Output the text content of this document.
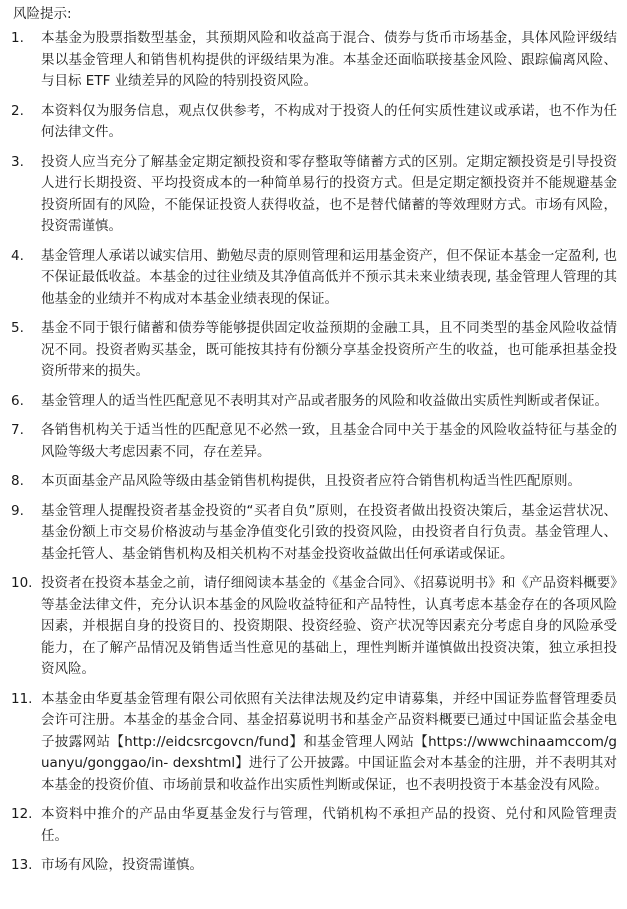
风险提示:
1.	本基金为股票指数型基金，其预期风险和收益高于混合、债券与货币市场基金，具体风险评级结果以基金管理人和销售机构提供的评级结果为准。本基金还面临联接基金风险、跟踪偏离风险、与目标 ETF 业绩差异的风险的特别投资风险。
2.	本资料仅为服务信息，观点仅供参考，不构成对于投资人的任何实质性建议或承诺，也不作为任何法律文件。
3.	投资人应当充分了解基金定期定额投资和零存整取等储蓄方式的区别。定期定额投资是引导投资人进行长期投资、平均投资成本的一种简单易行的投资方式。但是定期定额投资并不能规避基金投资所固有的风险，不能保证投资人获得收益，也不是替代储蓄的等效理财方式。市场有风险，投资需谨慎。
4.	基金管理人承诺以诚实信用、勤勉尽责的原则管理和运用基金资产，但不保证本基金一定盈利, 也不保证最低收益。本基金的过往业绩及其净值高低并不预示其未来业绩表现, 基金管理人管理的其他基金的业绩并不构成对本基金业绩表现的保证。
5.	基金不同于银行储蓄和债券等能够提供固定收益预期的金融工具，且不同类型的基金风险收益情况不同。投资者购买基金，既可能按其持有份额分享基金投资所产生的收益，也可能承担基金投资所带来的损失。
6.	基金管理人的适当性匹配意见不表明其对产品或者服务的风险和收益做出实质性判断或者保证。
7.	各销售机构关于适当性的匹配意见不必然一致，且基金合同中关于基金的风险收益特征与基金的风险等级大考虑因素不同，存在差异。
8.	本页面基金产品风险等级由基金销售机构提供，且投资者应符合销售机构适当性匹配原则。
9.	基金管理人提醒投资者基金投资的“买者自负”原则，在投资者做出投资决策后，基金运营状况、基金份额上市交易价格波动与基金净值变化引致的投资风险，由投资者自行负责。基金管理人、基金托管人、基金销售机构及相关机构不对基金投资收益做出任何承诺或保证。
10. 投资者在投资本基金之前，请仔细阅读本基金的《基金合同》、《招募说明书》和《产品资料概要》等基金法律文件，充分认识本基金的风险收益特征和产品特性，认真考虑本基金存在的各项风险因素，并根据自身的投资目的、投资期限、投资经验、资产状况等因素充分考虑自身的风险承受能力，在了解产品情况及销售适当性意见的基础上，理性判断并谨慎做出投资决策，独立承担投资风险。
11. 本基金由华夏基金管理有限公司依照有关法律法规及约定申请募集，并经中国证券监督管理委员会许可注册。本基金的基金合同、基金招募说明书和基金产品资料概要已通过中国证监会基金电子披露网站【http://eidcsrcgovcn/fund】和基金管理人网站【https://wwwchinaamccom/guanyu/gonggao/in- dexshtml】进行了公开披露。中国证监会对本基金的注册，并不表明其对本基金的投资价值、市场前景和收益作出实质性判断或保证，也不表明投资于本基金没有风险。
12. 本资料中推介的产品由华夏基金发行与管理，代销机构不承担产品的投资、兑付和风险管理责任。
13. 市场有风险，投资需谨慎。
